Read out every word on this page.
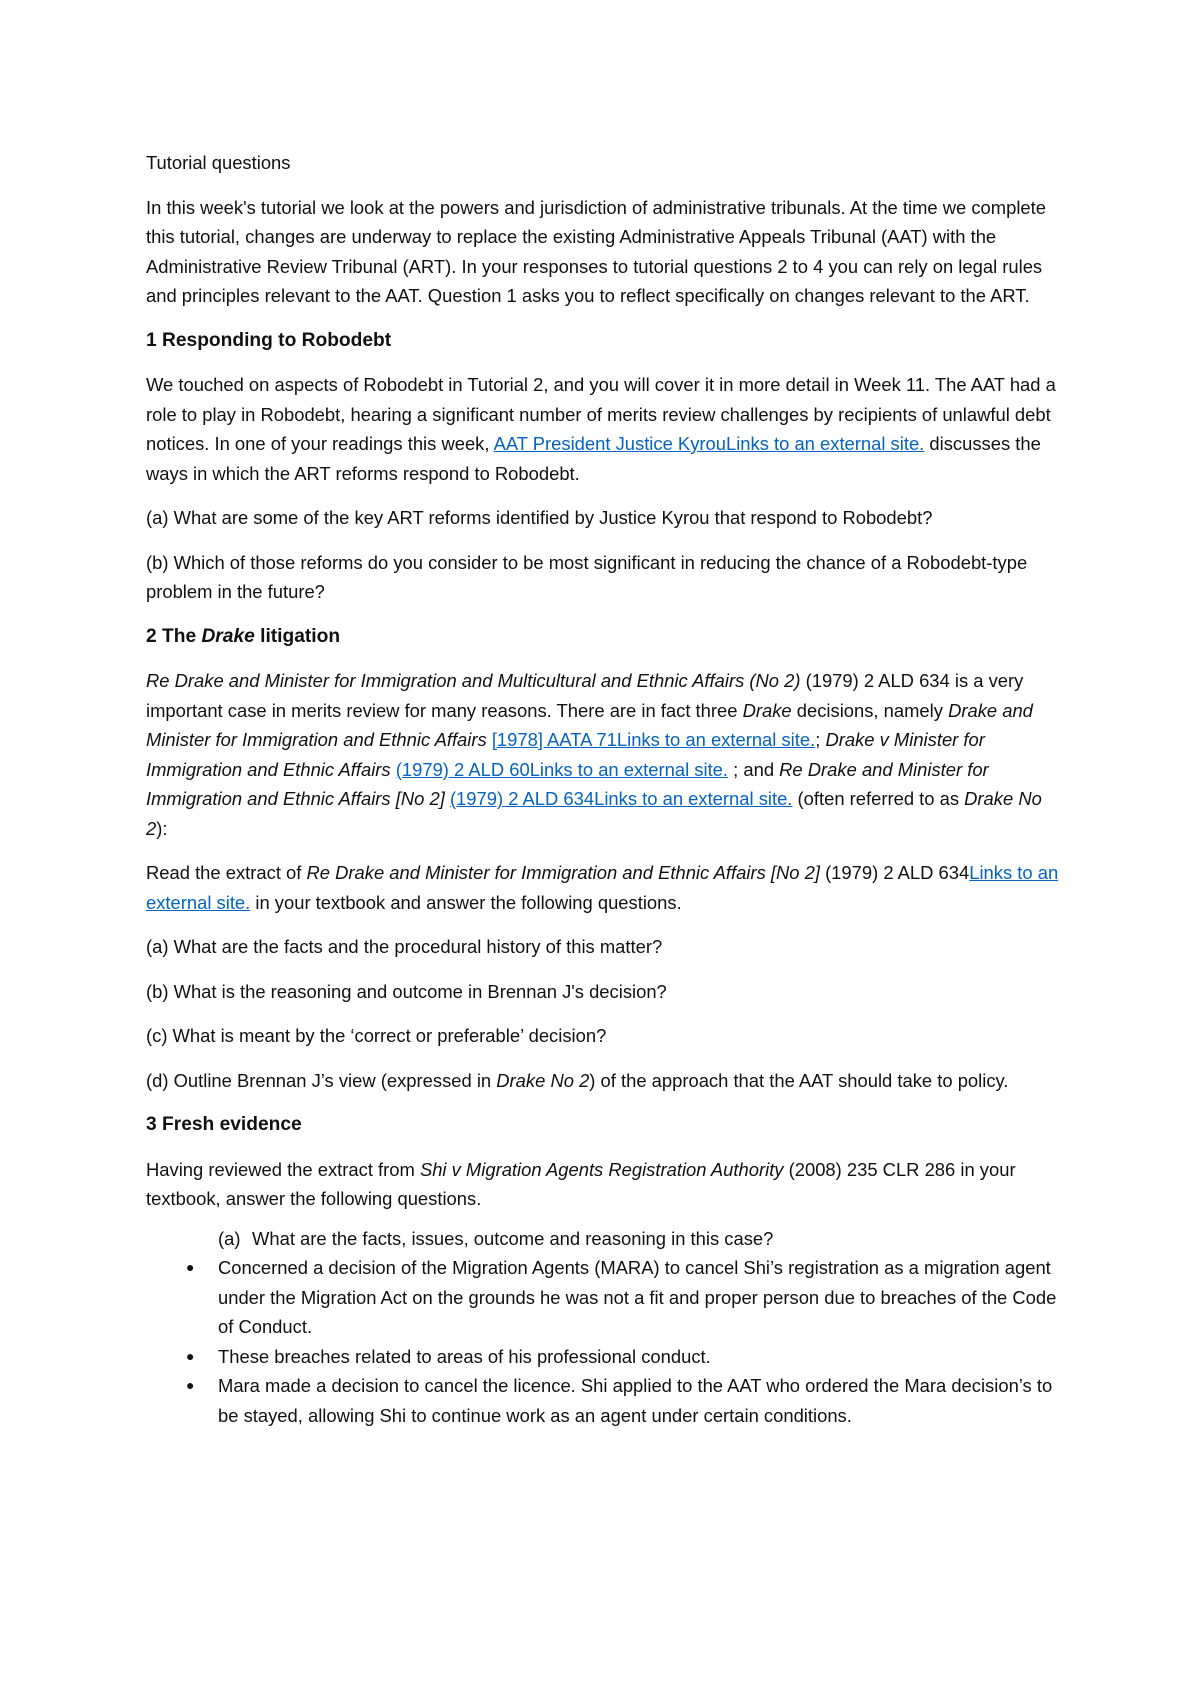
Tutorial questions

In this week's tutorial we look at the powers and jurisdiction of administrative tribunals. At the time we complete this tutorial, changes are underway to replace the existing Administrative Appeals Tribunal (AAT) with the Administrative Review Tribunal (ART). In your responses to tutorial questions 2 to 4 you can rely on legal rules and principles relevant to the AAT. Question 1 asks you to reflect specifically on changes relevant to the ART.

1 Responding to Robodebt

We touched on aspects of Robodebt in Tutorial 2, and you will cover it in more detail in Week 11. The AAT had a role to play in Robodebt, hearing a significant number of merits review challenges by recipients of unlawful debt notices. In one of your readings this week, AAT President Justice KyrouLinks to an external site. discusses the ways in which the ART reforms respond to Robodebt.

(a) What are some of the key ART reforms identified by Justice Kyrou that respond to Robodebt?

(b) Which of those reforms do you consider to be most significant in reducing the chance of a Robodebt-type problem in the future?

2 The Drake litigation

Re Drake and Minister for Immigration and Multicultural and Ethnic Affairs (No 2) (1979) 2 ALD 634 is a very important case in merits review for many reasons. There are in fact three Drake decisions, namely Drake and Minister for Immigration and Ethnic Affairs [1978] AATA 71Links to an external site.; Drake v Minister for Immigration and Ethnic Affairs (1979) 2 ALD 60Links to an external site. ; and Re Drake and Minister for Immigration and Ethnic Affairs [No 2] (1979) 2 ALD 634Links to an external site. (often referred to as Drake No 2):

Read the extract of Re Drake and Minister for Immigration and Ethnic Affairs [No 2] (1979) 2 ALD 634Links to an external site. in your textbook and answer the following questions.

(a) What are the facts and the procedural history of this matter?

(b) What is the reasoning and outcome in Brennan J's decision?

(c) What is meant by the ‘correct or preferable’ decision?

(d) Outline Brennan J’s view (expressed in Drake No 2) of the approach that the AAT should take to policy.

3 Fresh evidence

Having reviewed the extract from Shi v Migration Agents Registration Authority (2008) 235 CLR 286 in your textbook, answer the following questions.

(a) What are the facts, issues, outcome and reasoning in this case?

● Concerned a decision of the Migration Agents (MARA) to cancel Shi’s registration as a migration agent under the Migration Act on the grounds he was not a fit and proper person due to breaches of the Code of Conduct.
● These breaches related to areas of his professional conduct.
● Mara made a decision to cancel the licence. Shi applied to the AAT who ordered the Mara decision’s to be stayed, allowing Shi to continue work as an agent under certain conditions.
